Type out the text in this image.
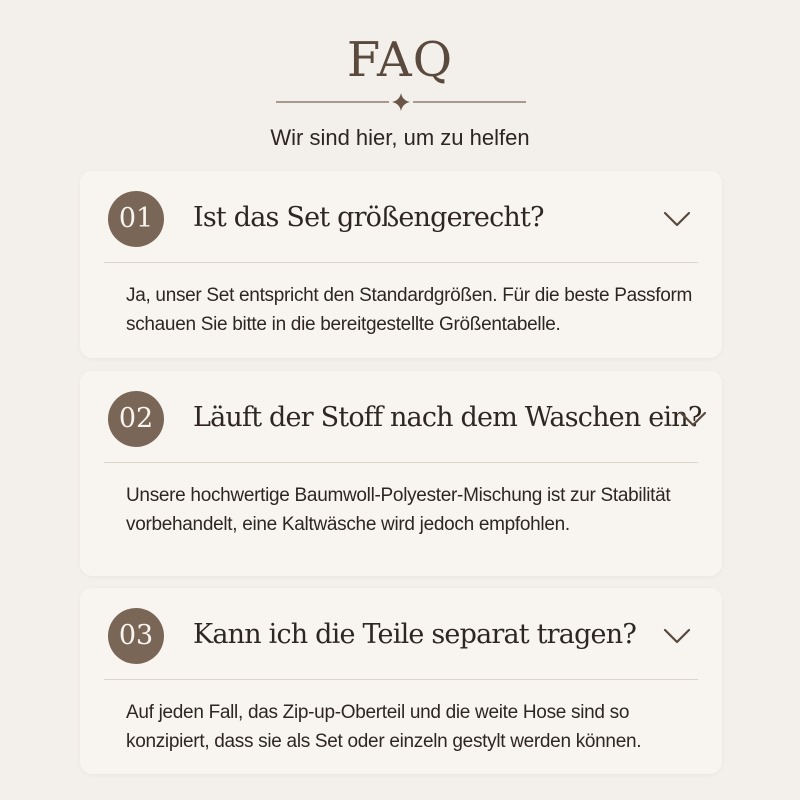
FAQ
Wir sind hier, um zu helfen
01	Ist das Set größengerecht?
Ja, unser Set entspricht den Standardgrößen. Für die beste Passform schauen Sie bitte in die bereitgestellte Größentabelle.
02	Läuft der Stoff nach dem Waschen ein?
Unsere hochwertige Baumwoll-Polyester-Mischung ist zur Stabilität vorbehandelt, eine Kaltwäsche wird jedoch empfohlen.
03	Kann ich die Teile separat tragen?
Auf jeden Fall, das Zip-up-Oberteil und die weite Hose sind so konzipiert, dass sie als Set oder einzeln gestylt werden können.
